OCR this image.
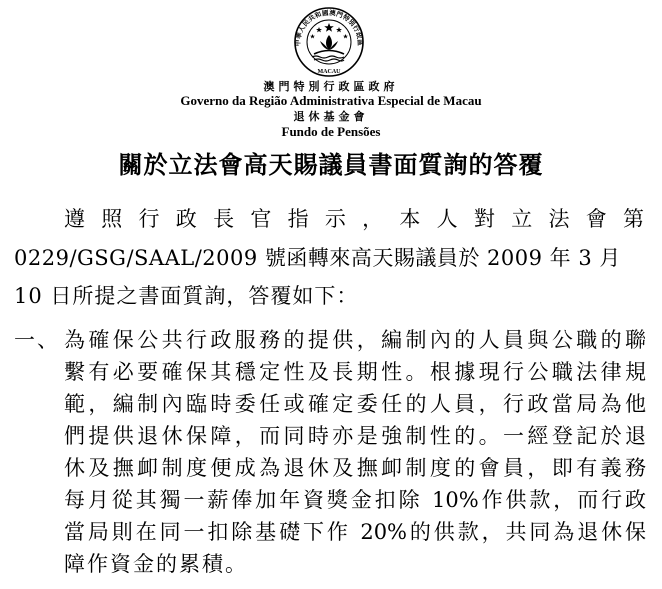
中華人民共和國澳門特別行政區
MACAU
澳門特別行政區政府
Governo da Região Administrativa Especial de Macau
退休基金會
Fundo de Pensões
關於立法會高天賜議員書面質詢的答覆
遵照行政長官指示，本人對立法會第
0229/GSG/SAAL/2009 號函轉來高天賜議員於 2009 年 3 月
10 日所提之書面質詢，答覆如下：
一、 為確保公共行政服務的提供，編制內的人員與公職的聯
繫有必要確保其穩定性及長期性。根據現行公職法律規
範，編制內臨時委任或確定委任的人員，行政當局為他
們提供退休保障，而同時亦是強制性的。一經登記於退
休及撫卹制度便成為退休及撫卹制度的會員，即有義務
每月從其獨一薪俸加年資獎金扣除 10%作供款，而行政
當局則在同一扣除基礎下作 20%的供款，共同為退休保
障作資金的累積。
